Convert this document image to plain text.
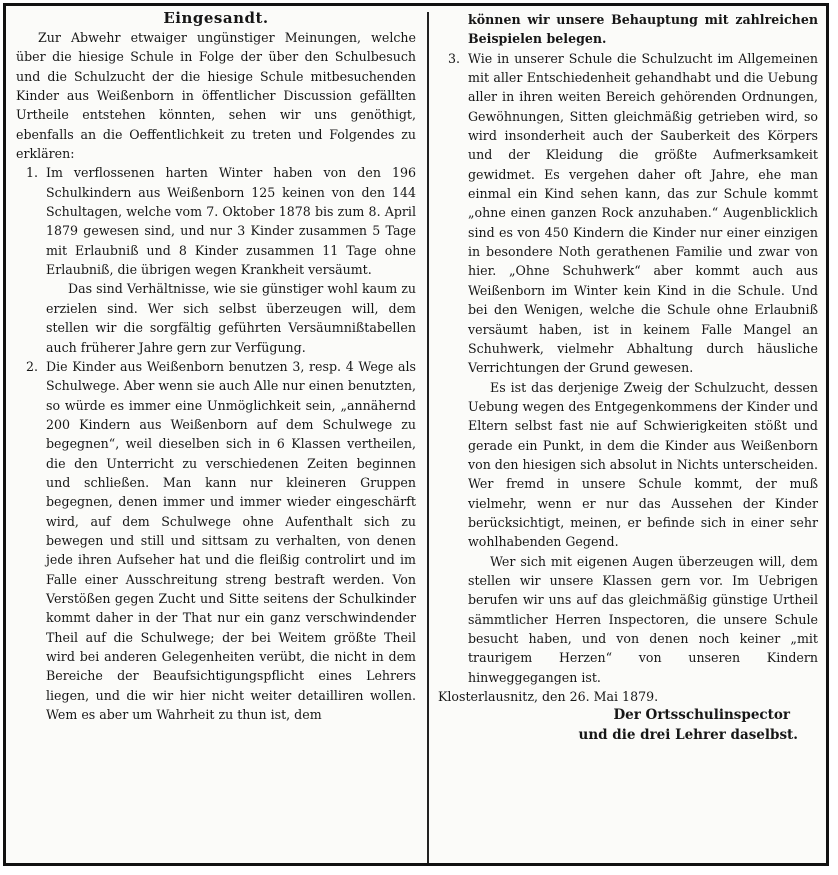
Eingesandt.

Zur Abwehr etwaiger ungünstiger Meinungen, welche über die hiesige Schule in Folge der über den Schulbesuch und die Schulzucht der die hiesige Schule mitbesuchenden Kinder aus Weißenborn in öffentlicher Discussion gefällten Urtheile entstehen könnten, sehen wir uns genöthigt, ebenfalls an die Oeffentlichkeit zu treten und Folgendes zu erklären:

1. Im verflossenen harten Winter haben von den 196 Schulkindern aus Weißenborn 125 keinen von den 144 Schultagen, welche vom 7. Oktober 1878 bis zum 8. April 1879 gewesen sind, und nur 3 Kinder zusammen 5 Tage mit Erlaubniß und 8 Kinder zusammen 11 Tage ohne Erlaubniß, die übrigen wegen Krankheit versäumt.

Das sind Verhältnisse, wie sie günstiger wohl kaum zu erzielen sind. Wer sich selbst überzeugen will, dem stellen wir die sorgfältig geführten Versäumnißtabellen auch früherer Jahre gern zur Verfügung.

2. Die Kinder aus Weißenborn benutzen 3, resp. 4 Wege als Schulwege. Aber wenn sie auch Alle nur einen benutzten, so würde es immer eine Unmöglichkeit sein, „annähernd 200 Kindern aus Weißenborn auf dem Schulwege zu begegnen“, weil dieselben sich in 6 Klassen vertheilen, die den Unterricht zu verschiedenen Zeiten beginnen und schließen. Man kann nur kleineren Gruppen begegnen, denen immer und immer wieder eingeschärft wird, auf dem Schulwege ohne Aufenthalt sich zu bewegen und still und sittsam zu verhalten, von denen jede ihren Aufseher hat und die fleißig controlirt und im Falle einer Ausschreitung streng bestraft werden. Von Verstößen gegen Zucht und Sitte seitens der Schulkinder kommt daher in der That nur ein ganz verschwindender Theil auf die Schulwege; der bei Weitem größte Theil wird bei anderen Gelegenheiten verübt, die nicht in dem Bereiche der Beaufsichtigungspflicht eines Lehrers liegen, und die wir hier nicht weiter detailliren wollen. Wem es aber um Wahrheit zu thun ist, dem

können wir unsere Behauptung mit zahlreichen Beispielen belegen.

3. Wie in unserer Schule die Schulzucht im Allgemeinen mit aller Entschiedenheit gehandhabt und die Uebung aller in ihren weiten Bereich gehörenden Ordnungen, Gewöhnungen, Sitten gleichmäßig getrieben wird, so wird insonderheit auch der Sauberkeit des Körpers und der Kleidung die größte Aufmerksamkeit gewidmet. Es vergehen daher oft Jahre, ehe man einmal ein Kind sehen kann, das zur Schule kommt „ohne einen ganzen Rock anzuhaben.“ Augenblicklich sind es von 450 Kindern die Kinder nur einer einzigen in besondere Noth gerathenen Familie und zwar von hier. „Ohne Schuhwerk“ aber kommt auch aus Weißenborn im Winter kein Kind in die Schule. Und bei den Wenigen, welche die Schule ohne Erlaubniß versäumt haben, ist in keinem Falle Mangel an Schuhwerk, vielmehr Abhaltung durch häusliche Verrichtungen der Grund gewesen.

Es ist das derjenige Zweig der Schulzucht, dessen Uebung wegen des Entgegenkommens der Kinder und Eltern selbst fast nie auf Schwierigkeiten stößt und gerade ein Punkt, in dem die Kinder aus Weißenborn von den hiesigen sich absolut in Nichts unterscheiden. Wer fremd in unsere Schule kommt, der muß vielmehr, wenn er nur das Aussehen der Kinder berücksichtigt, meinen, er befinde sich in einer sehr wohlhabenden Gegend.

Wer sich mit eigenen Augen überzeugen will, dem stellen wir unsere Klassen gern vor. Im Uebrigen berufen wir uns auf das gleichmäßig günstige Urtheil sämmtlicher Herren Inspectoren, die unsere Schule besucht haben, und von denen noch keiner „mit traurigem Herzen“ von unseren Kindern hinweggegangen ist.

Klosterlausnitz, den 26. Mai 1879.

Der Ortsschulinspector

und die drei Lehrer daselbst.
